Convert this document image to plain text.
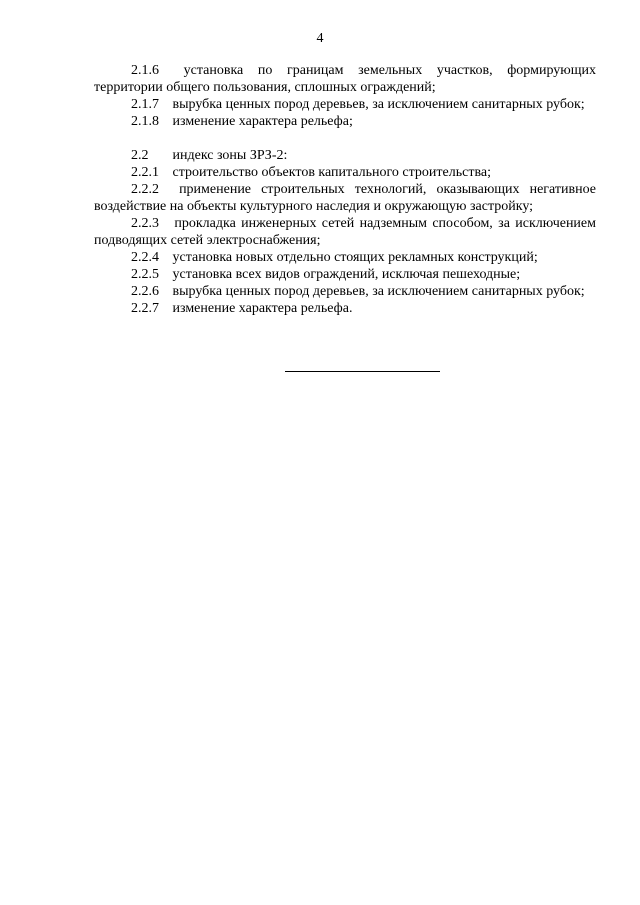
4

2.1.6 установка по границам земельных участков, формирующих территории общего пользования, сплошных ограждений;

2.1.7 вырубка ценных пород деревьев, за исключением санитарных рубок;

2.1.8 изменение характера рельефа;

2.2 индекс зоны ЗРЗ-2:

2.2.1 строительство объектов капитального строительства;

2.2.2 применение строительных технологий, оказывающих негативное воздействие на объекты культурного наследия и окружающую застройку;

2.2.3 прокладка инженерных сетей надземным способом, за исключением подводящих сетей электроснабжения;

2.2.4 установка новых отдельно стоящих рекламных конструкций;

2.2.5 установка всех видов ограждений, исключая пешеходные;

2.2.6 вырубка ценных пород деревьев, за исключением санитарных рубок;

2.2.7 изменение характера рельефа.
